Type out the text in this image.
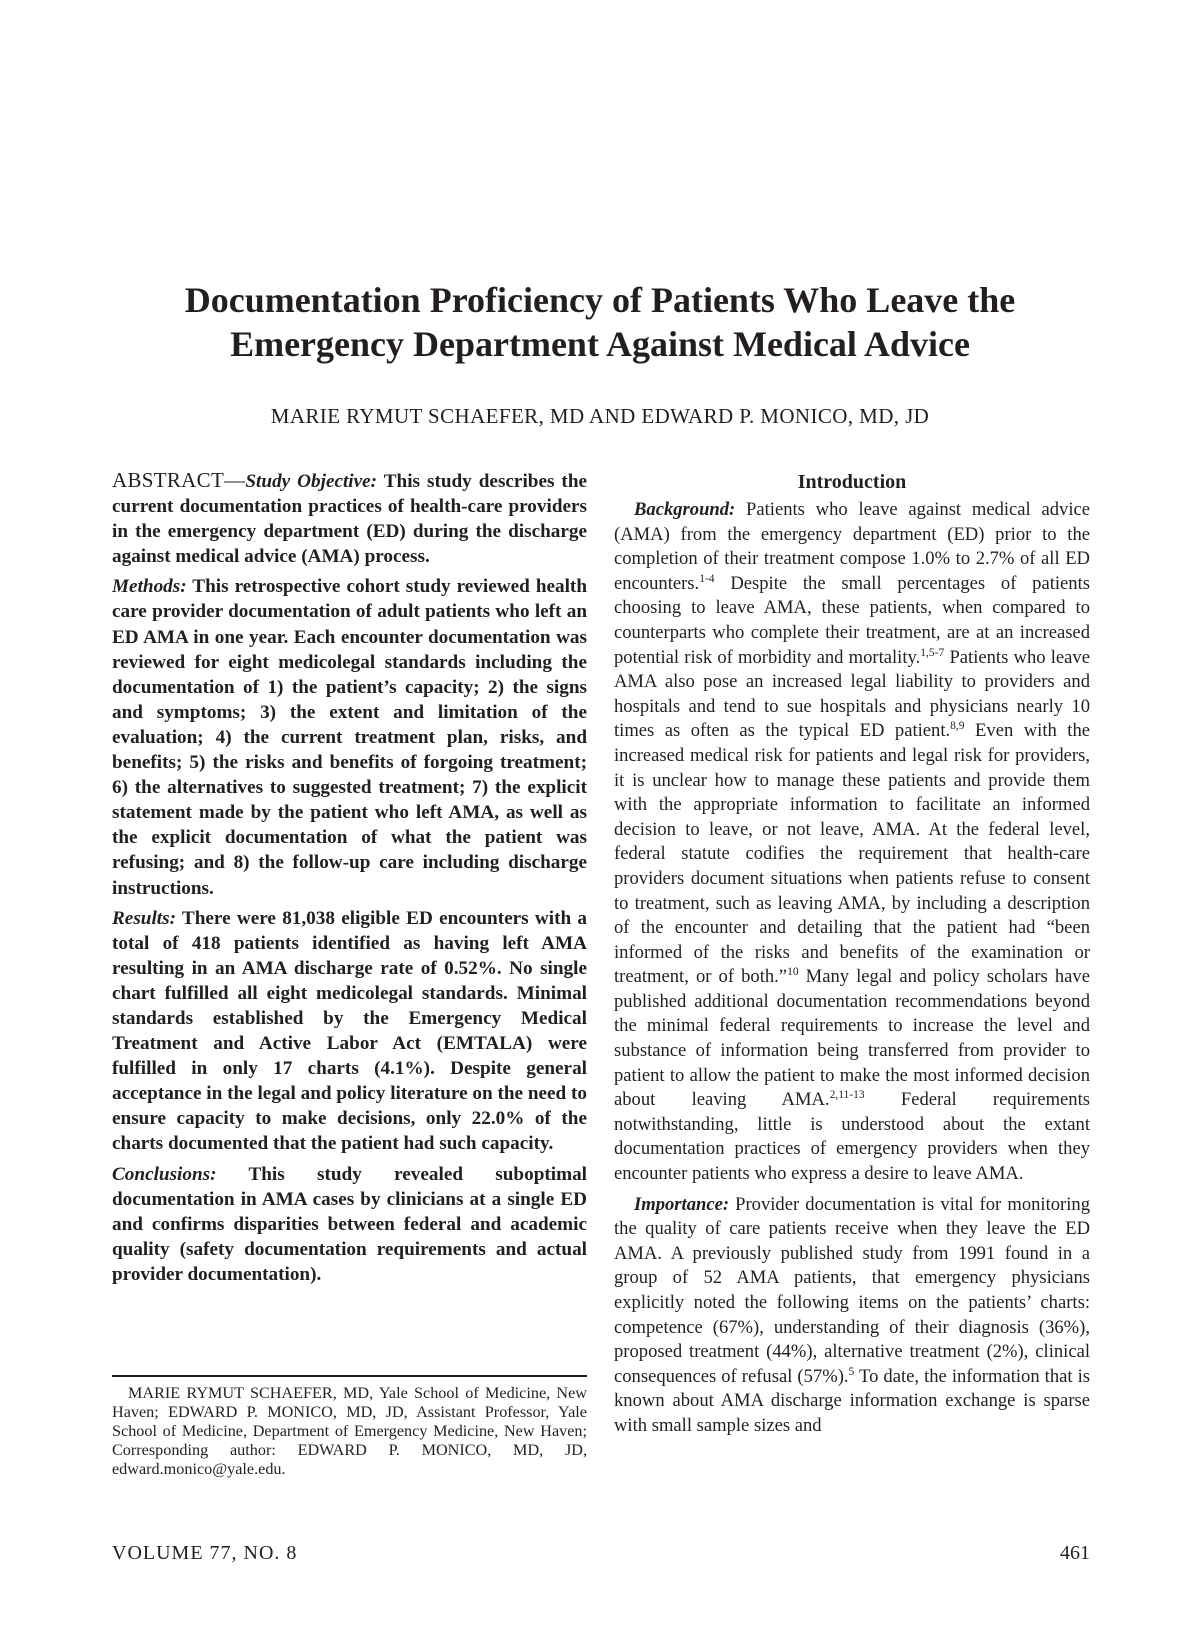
Documentation Proficiency of Patients Who Leave the
Emergency Department Against Medical Advice
MARIE RYMUT SCHAEFER, MD AND EDWARD P. MONICO, MD, JD

ABSTRACT—Study Objective: This study describes the current documentation practices of health-care providers in the emergency department (ED) during the discharge against medical advice (AMA) process.

Methods: This retrospective cohort study reviewed health care provider documentation of adult patients who left an ED AMA in one year. Each encounter documentation was reviewed for eight medicolegal standards including the documentation of 1) the patient’s capacity; 2) the signs and symptoms; 3) the extent and limitation of the evaluation; 4) the current treatment plan, risks, and benefits; 5) the risks and benefits of forgoing treatment; 6) the alternatives to suggested treatment; 7) the explicit statement made by the patient who left AMA, as well as the explicit documentation of what the patient was refusing; and 8) the follow-up care including discharge instructions.

Results: There were 81,038 eligible ED encounters with a total of 418 patients identified as having left AMA resulting in an AMA discharge rate of 0.52%. No single chart fulfilled all eight medicolegal standards. Minimal standards established by the Emergency Medical Treatment and Active Labor Act (EMTALA) were fulfilled in only 17 charts (4.1%). Despite general acceptance in the legal and policy literature on the need to ensure capacity to make decisions, only 22.0% of the charts documented that the patient had such capacity.

Conclusions: This study revealed suboptimal documentation in AMA cases by clinicians at a single ED and confirms disparities between federal and academic quality (safety documentation requirements and actual provider documentation).

MARIE RYMUT SCHAEFER, MD, Yale School of Medicine, New Haven; EDWARD P. MONICO, MD, JD, Assistant Professor, Yale School of Medicine, Department of Emergency Medicine, New Haven; Corresponding author: EDWARD P. MONICO, MD, JD, edward.monico@yale.edu.
Introduction

Background: Patients who leave against medical advice (AMA) from the emergency department (ED) prior to the completion of their treatment compose 1.0% to 2.7% of all ED encounters.$^{1-4}$ Despite the small percentages of patients choosing to leave AMA, these patients, when compared to counterparts who complete their treatment, are at an increased potential risk of morbidity and mortality.$^{1,5-7}$ Patients who leave AMA also pose an increased legal liability to providers and hospitals and tend to sue hospitals and physicians nearly 10 times as often as the typical ED patient.$^{8,9}$ Even with the increased medical risk for patients and legal risk for providers, it is unclear how to manage these patients and provide them with the appropriate information to facilitate an informed decision to leave, or not leave, AMA. At the federal level, federal statute codifies the requirement that health-care providers document situations when patients refuse to consent to treatment, such as leaving AMA, by including a description of the encounter and detailing that the patient had “been informed of the risks and benefits of the examination or treatment, or of both.”$^{10}$ Many legal and policy scholars have published additional documentation recommendations beyond the minimal federal requirements to increase the level and substance of information being transferred from provider to patient to allow the patient to make the most informed decision about leaving AMA.$^{2,11-13}$ Federal requirements notwithstanding, little is understood about the extant documentation practices of emergency providers when they encounter patients who express a desire to leave AMA.

Importance: Provider documentation is vital for monitoring the quality of care patients receive when they leave the ED AMA. A previously published study from 1991 found in a group of 52 AMA patients, that emergency physicians explicitly noted the following items on the patients’ charts: competence (67%), understanding of their diagnosis (36%), proposed treatment (44%), alternative treatment (2%), clinical consequences of refusal (57%).$^5$ To date, the information that is known about AMA discharge information exchange is sparse with small sample sizes and

VOLUME 77, NO. 8	461
